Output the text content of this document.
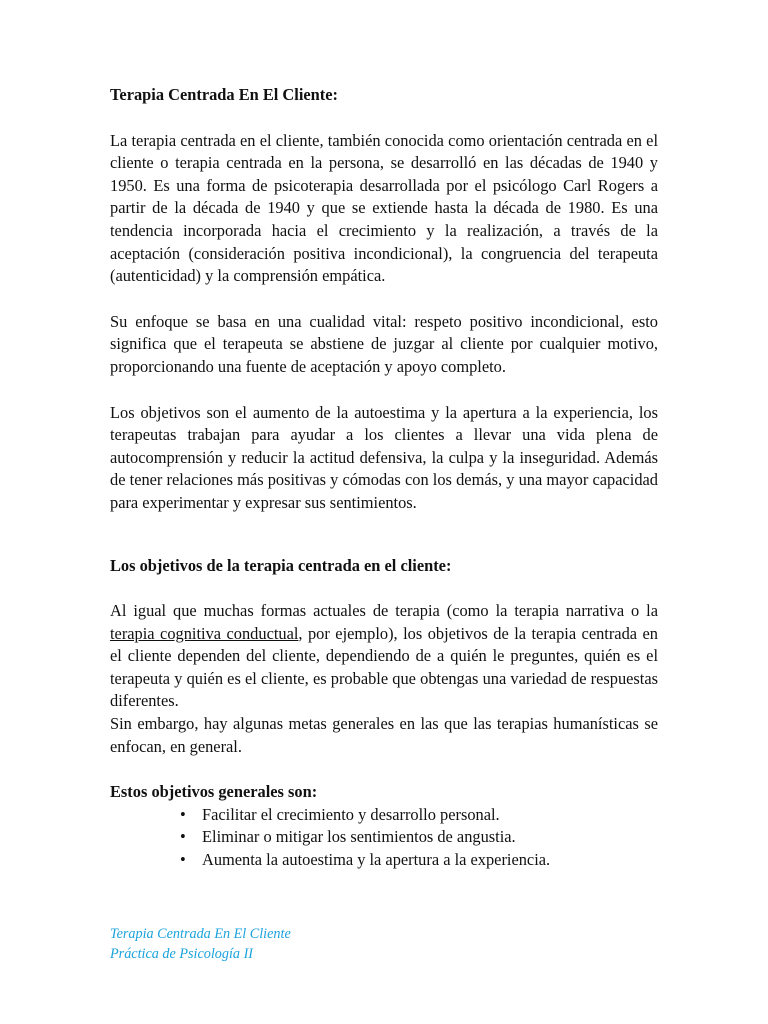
Terapia Centrada En El Cliente:

La terapia centrada en el cliente, también conocida como orientación centrada en el cliente o terapia centrada en la persona, se desarrolló en las décadas de 1940 y 1950. Es una forma de psicoterapia desarrollada por el psicólogo Carl Rogers a partir de la década de 1940 y que se extiende hasta la década de 1980. Es una tendencia incorporada hacia el crecimiento y la realización, a través de la aceptación (consideración positiva incondicional), la congruencia del terapeuta (autenticidad) y la comprensión empática.

Su enfoque se basa en una cualidad vital: respeto positivo incondicional, esto significa que el terapeuta se abstiene de juzgar al cliente por cualquier motivo, proporcionando una fuente de aceptación y apoyo completo.

Los objetivos son el aumento de la autoestima y la apertura a la experiencia, los terapeutas trabajan para ayudar a los clientes a llevar una vida plena de autocomprensión y reducir la actitud defensiva, la culpa y la inseguridad. Además de tener relaciones más positivas y cómodas con los demás, y una mayor capacidad para experimentar y expresar sus sentimientos.

Los objetivos de la terapia centrada en el cliente:

Al igual que muchas formas actuales de terapia (como la terapia narrativa o la terapia cognitiva conductual, por ejemplo), los objetivos de la terapia centrada en el cliente dependen del cliente, dependiendo de a quién le preguntes, quién es el terapeuta y quién es el cliente, es probable que obtengas una variedad de respuestas diferentes.

Sin embargo, hay algunas metas generales en las que las terapias humanísticas se enfocan, en general.

Estos objetivos generales son:

• Facilitar el crecimiento y desarrollo personal.
• Eliminar o mitigar los sentimientos de angustia.
• Aumenta la autoestima y la apertura a la experiencia.
Terapia Centrada En El Cliente
Práctica de Psicología II
